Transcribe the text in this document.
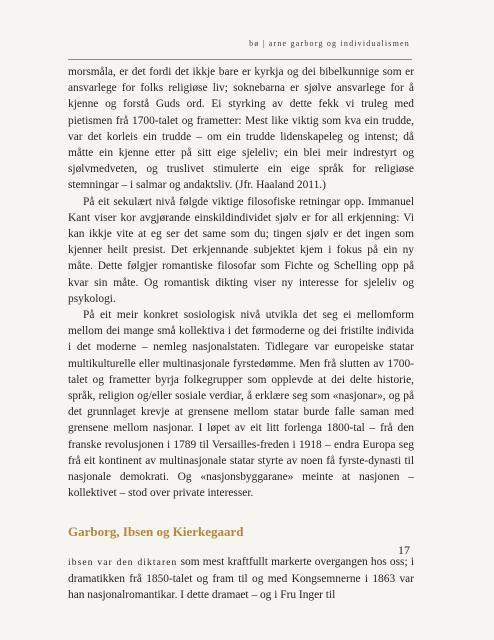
bø | arne garborg og individualismen

morsmåla, er det fordi det ikkje bare er kyrkja og dei bibelkunnige som er ansvarlege for folks religiøse liv; soknebarna er sjølve ansvarlege for å kjenne og forstå Guds ord. Ei styrking av dette fekk vi truleg med pietismen frå 1700-talet og frametter: Mest like viktig som kva ein trudde, var det korleis ein trudde – om ein trudde lidenskapeleg og intenst; då måtte ein kjenne etter på sitt eige sjeleliv; ein blei meir indrestyrt og sjølvmedveten, og truslivet stimulerte ein eige språk for religiøse stemningar – i salmar og andaktsliv. (Jfr. Haaland 2011.)

På eit sekulært nivå følgde viktige filosofiske retningar opp. Immanuel Kant viser kor avgjørande einskildindividet sjølv er for all erkjenning: Vi kan ikkje vite at eg ser det same som du; tingen sjølv er det ingen som kjenner heilt presist. Det erkjennande subjektet kjem i fokus på ein ny måte. Dette følgjer romantiske filosofar som Fichte og Schelling opp på kvar sin måte. Og romantisk dikting viser ny interesse for sjeleliv og psykologi.

På eit meir konkret sosiologisk nivå utvikla det seg ei mellomform mellom dei mange små kollektiva i det førmoderne og dei fristilte individa i det moderne – nemleg nasjonalstaten. Tidlegare var europeiske statar multikulturelle eller multinasjonale fyrstedømme. Men frå slutten av 1700-talet og frametter byrja folkegrupper som opplevde at dei delte historie, språk, religion og/eller sosiale verdiar, å erklære seg som «nasjonar», og på det grunnlaget krevje at grensene mellom statar burde falle saman med grensene mellom nasjonar. I løpet av eit litt forlenga 1800-tal – frå den franske revolusjonen i 1789 til Versailles-freden i 1918 – endra Europa seg frå eit kontinent av multinasjonale statar styrte av noen få fyrste-dynasti til nasjonale demokrati. Og «nasjonsbyggarane» meinte at nasjonen – kollektivet – stod over private interesser.

Garborg, Ibsen og Kierkegaard

ibsen var den diktaren som mest kraftfullt markerte overgangen hos oss; i dramatikken frå 1850-talet og fram til og med Kongsemnerne i 1863 var han nasjonalromantikar. I dette dramaet – og i Fru Inger til

17
